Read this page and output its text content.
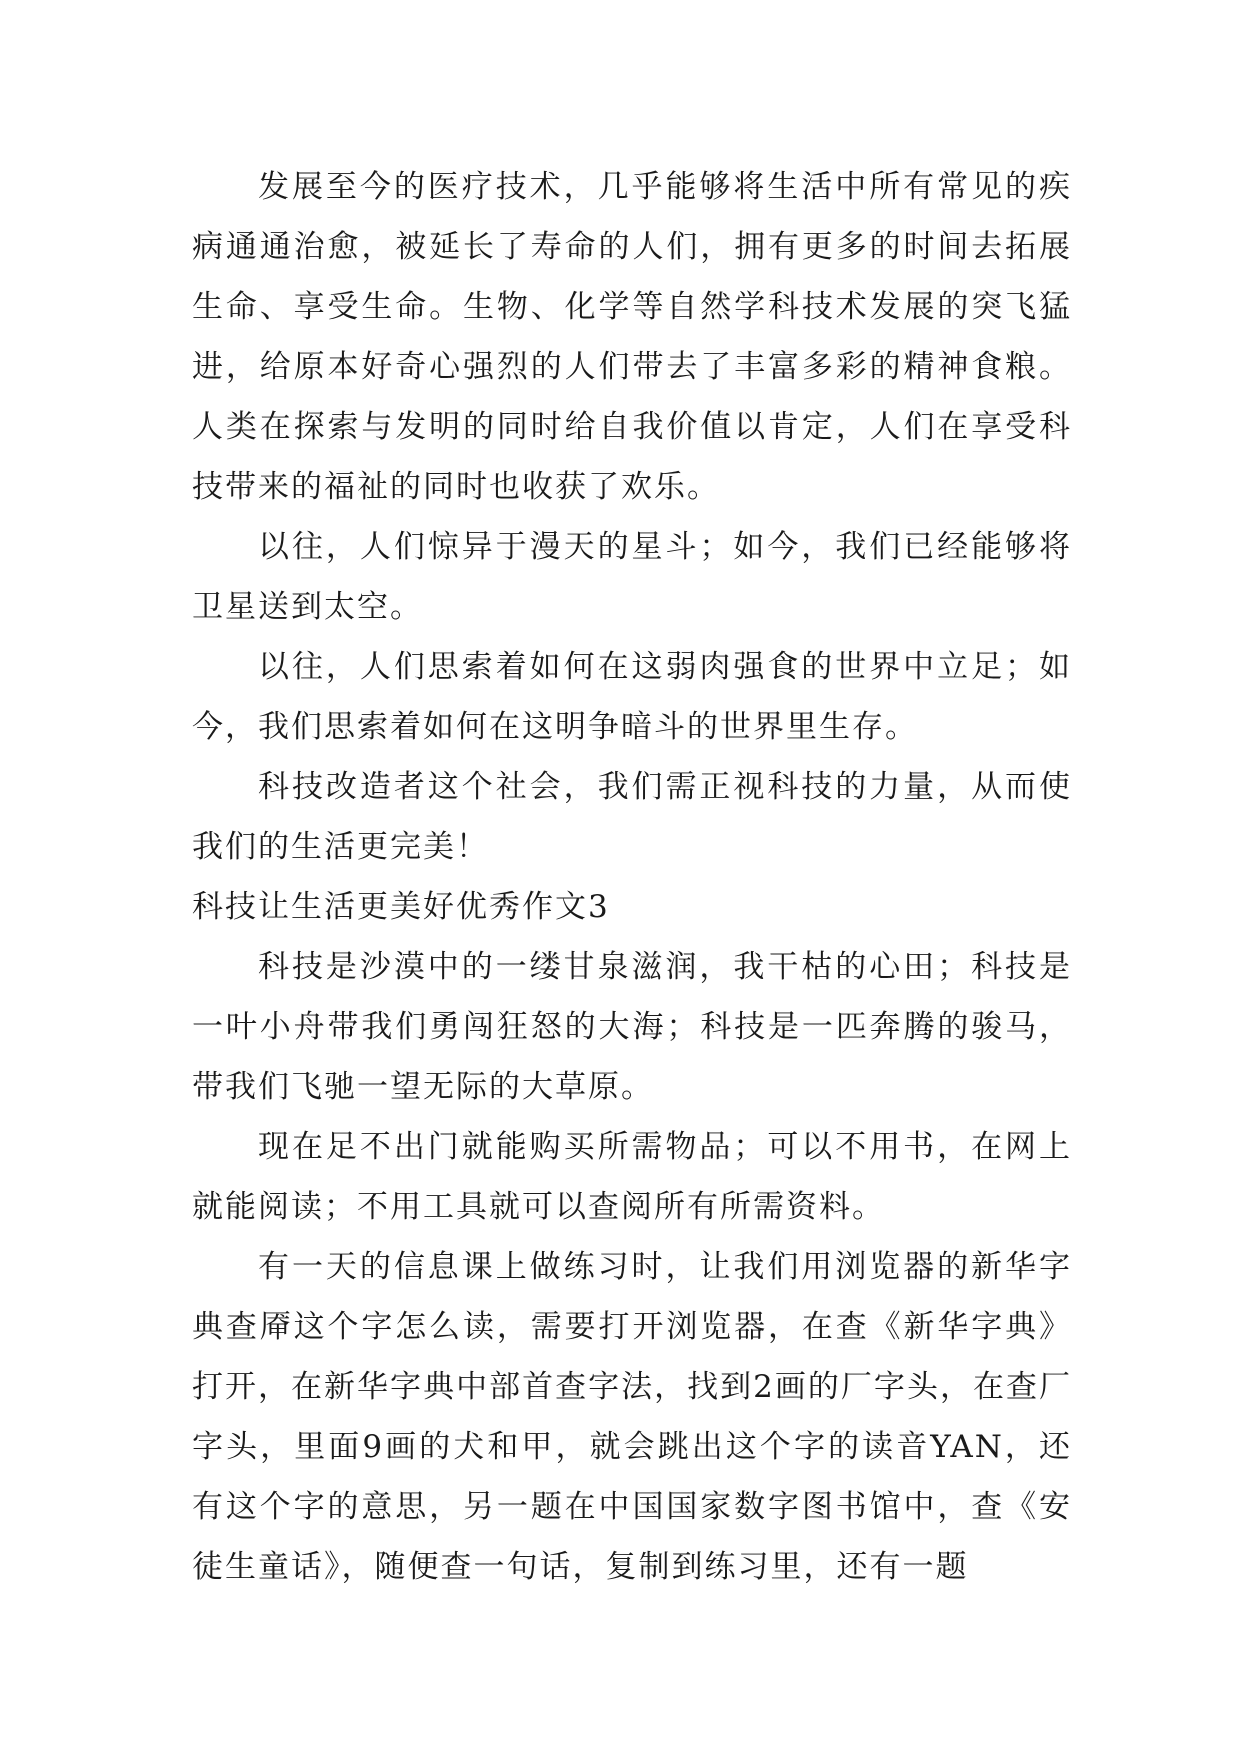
发展至今的医疗技术，几乎能够将生活中所有常见的疾病通通治愈，被延长了寿命的人们，拥有更多的时间去拓展生命、享受生命。生物、化学等自然学科技术发展的突飞猛进，给原本好奇心强烈的人们带去了丰富多彩的精神食粮。人类在探索与发明的同时给自我价值以肯定，人们在享受科技带来的福祉的同时也收获了欢乐。

以往，人们惊异于漫天的星斗；如今，我们已经能够将卫星送到太空。

以往，人们思索着如何在这弱肉强食的世界中立足；如今，我们思索着如何在这明争暗斗的世界里生存。

科技改造者这个社会，我们需正视科技的力量，从而使我们的生活更完美！

科技让生活更美好优秀作文3

科技是沙漠中的一缕甘泉滋润，我干枯的心田；科技是一叶小舟带我们勇闯狂怒的大海；科技是一匹奔腾的骏马，带我们飞驰一望无际的大草原。

现在足不出门就能购买所需物品；可以不用书，在网上就能阅读；不用工具就可以查阅所有所需资料。

有一天的信息课上做练习时，让我们用浏览器的新华字典查厣这个字怎么读，需要打开浏览器，在查《新华字典》打开，在新华字典中部首查字法，找到2画的厂字头，在查厂字头，里面9画的犬和甲，就会跳出这个字的读音YAN，还有这个字的意思，另一题在中国国家数字图书馆中，查《安徒生童话》，随便查一句话，复制到练习里，还有一题
